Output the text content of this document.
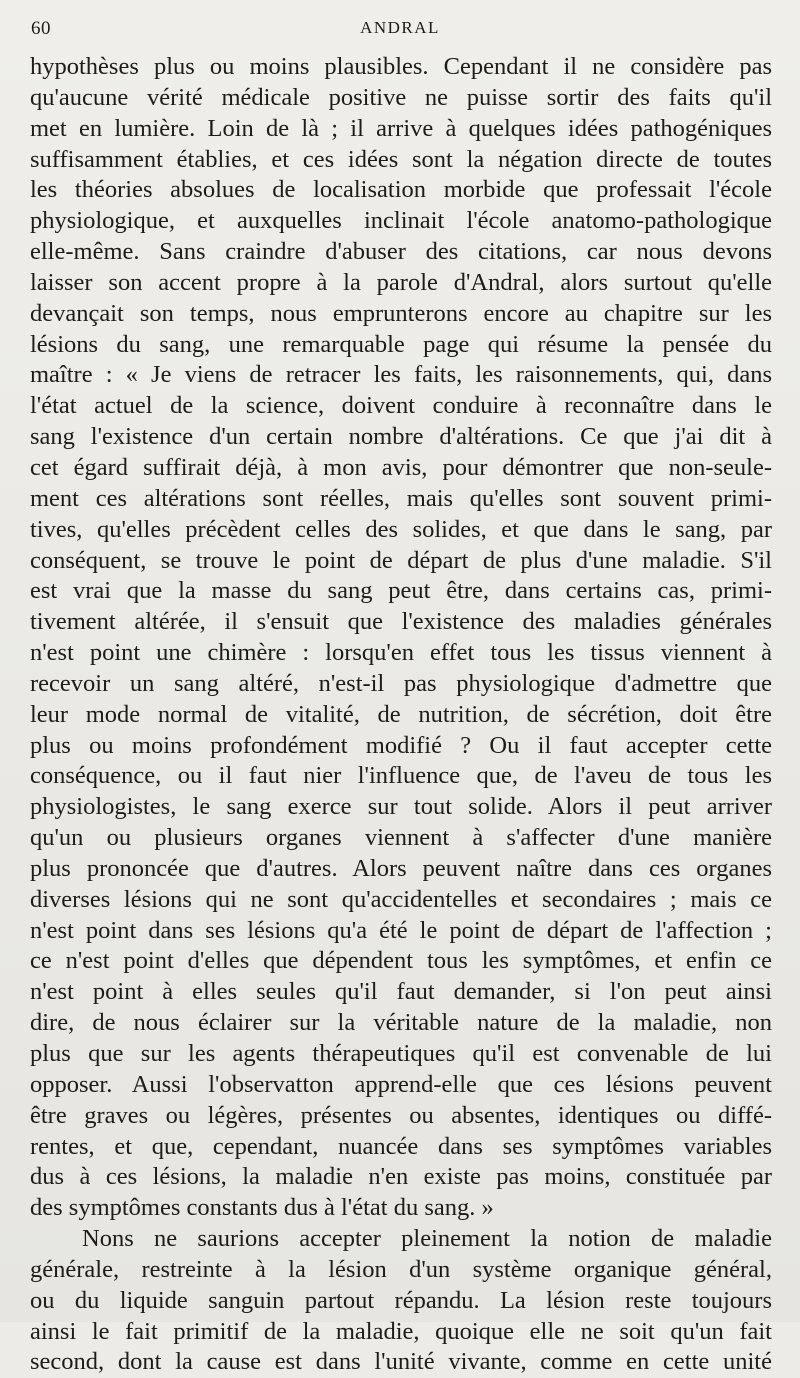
60	ANDRAL
hypothèses plus ou moins plausibles. Cependant il ne considère pas
qu'aucune vérité médicale positive ne puisse sortir des faits qu'il
met en lumière. Loin de là ; il arrive à quelques idées pathogéniques
suffisamment établies, et ces idées sont la négation directe de toutes
les théories absolues de localisation morbide que professait l'école
physiologique, et auxquelles inclinait l'école anatomo-pathologique
elle-même. Sans craindre d'abuser des citations, car nous devons
laisser son accent propre à la parole d'Andral, alors surtout qu'elle
devançait son temps, nous emprunterons encore au chapitre sur les
lésions du sang, une remarquable page qui résume la pensée du
maître : « Je viens de retracer les faits, les raisonnements, qui, dans
l'état actuel de la science, doivent conduire à reconnaître dans le
sang l'existence d'un certain nombre d'altérations. Ce que j'ai dit à
cet égard suffirait déjà, à mon avis, pour démontrer que non-seule-
ment ces altérations sont réelles, mais qu'elles sont souvent primi-
tives, qu'elles précèdent celles des solides, et que dans le sang, par
conséquent, se trouve le point de départ de plus d'une maladie. S'il
est vrai que la masse du sang peut être, dans certains cas, primi-
tivement altérée, il s'ensuit que l'existence des maladies générales
n'est point une chimère : lorsqu'en effet tous les tissus viennent à
recevoir un sang altéré, n'est-il pas physiologique d'admettre que
leur mode normal de vitalité, de nutrition, de sécrétion, doit être
plus ou moins profondément modifié ? Ou il faut accepter cette
conséquence, ou il faut nier l'influence que, de l'aveu de tous les
physiologistes, le sang exerce sur tout solide. Alors il peut arriver
qu'un ou plusieurs organes viennent à s'affecter d'une manière
plus prononcée que d'autres. Alors peuvent naître dans ces organes
diverses lésions qui ne sont qu'accidentelles et secondaires ; mais ce
n'est point dans ses lésions qu'a été le point de départ de l'affection ;
ce n'est point d'elles que dépendent tous les symptômes, et enfin ce
n'est point à elles seules qu'il faut demander, si l'on peut ainsi
dire, de nous éclairer sur la véritable nature de la maladie, non
plus que sur les agents thérapeutiques qu'il est convenable de lui
opposer. Aussi l'observatton apprend-elle que ces lésions peuvent
être graves ou légères, présentes ou absentes, identiques ou diffé-
rentes, et que, cependant, nuancée dans ses symptômes variables
dus à ces lésions, la maladie n'en existe pas moins, constituée par
des symptômes constants dus à l'état du sang. »
Nons ne saurions accepter pleinement la notion de maladie
générale, restreinte à la lésion d'un système organique général,
ou du liquide sanguin partout répandu. La lésion reste toujours
ainsi le fait primitif de la maladie, quoique elle ne soit qu'un fait
second, dont la cause est dans l'unité vivante, comme en cette unité
